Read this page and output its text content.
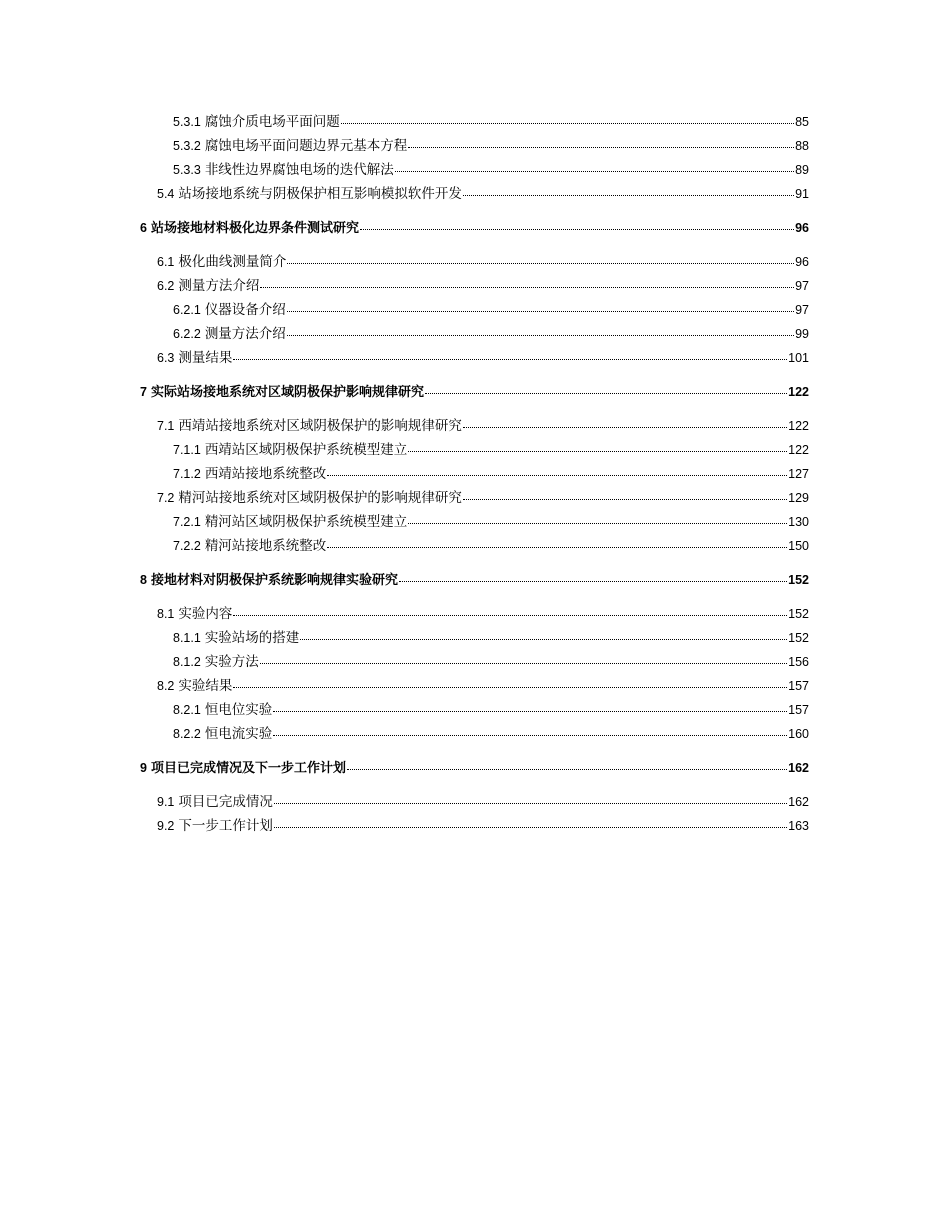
5.3.1 腐蚀介质电场平面问题	85
5.3.2 腐蚀电场平面问题边界元基本方程	88
5.3.3 非线性边界腐蚀电场的迭代解法	89
5.4 站场接地系统与阴极保护相互影响模拟软件开发	91
6 站场接地材料极化边界条件测试研究	96
6.1 极化曲线测量简介	96
6.2 测量方法介绍	97
6.2.1 仪器设备介绍	97
6.2.2 测量方法介绍	99
6.3 测量结果	101
7 实际站场接地系统对区域阴极保护影响规律研究	122
7.1 西靖站接地系统对区域阴极保护的影响规律研究	122
7.1.1 西靖站区域阴极保护系统模型建立	122
7.1.2 西靖站接地系统整改	127
7.2 精河站接地系统对区域阴极保护的影响规律研究	129
7.2.1 精河站区域阴极保护系统模型建立	130
7.2.2 精河站接地系统整改	150
8 接地材料对阴极保护系统影响规律实验研究	152
8.1 实验内容	152
8.1.1 实验站场的搭建	152
8.1.2 实验方法	156
8.2 实验结果	157
8.2.1 恒电位实验	157
8.2.2 恒电流实验	160
9 项目已完成情况及下一步工作计划	162
9.1 项目已完成情况	162
9.2 下一步工作计划	163
